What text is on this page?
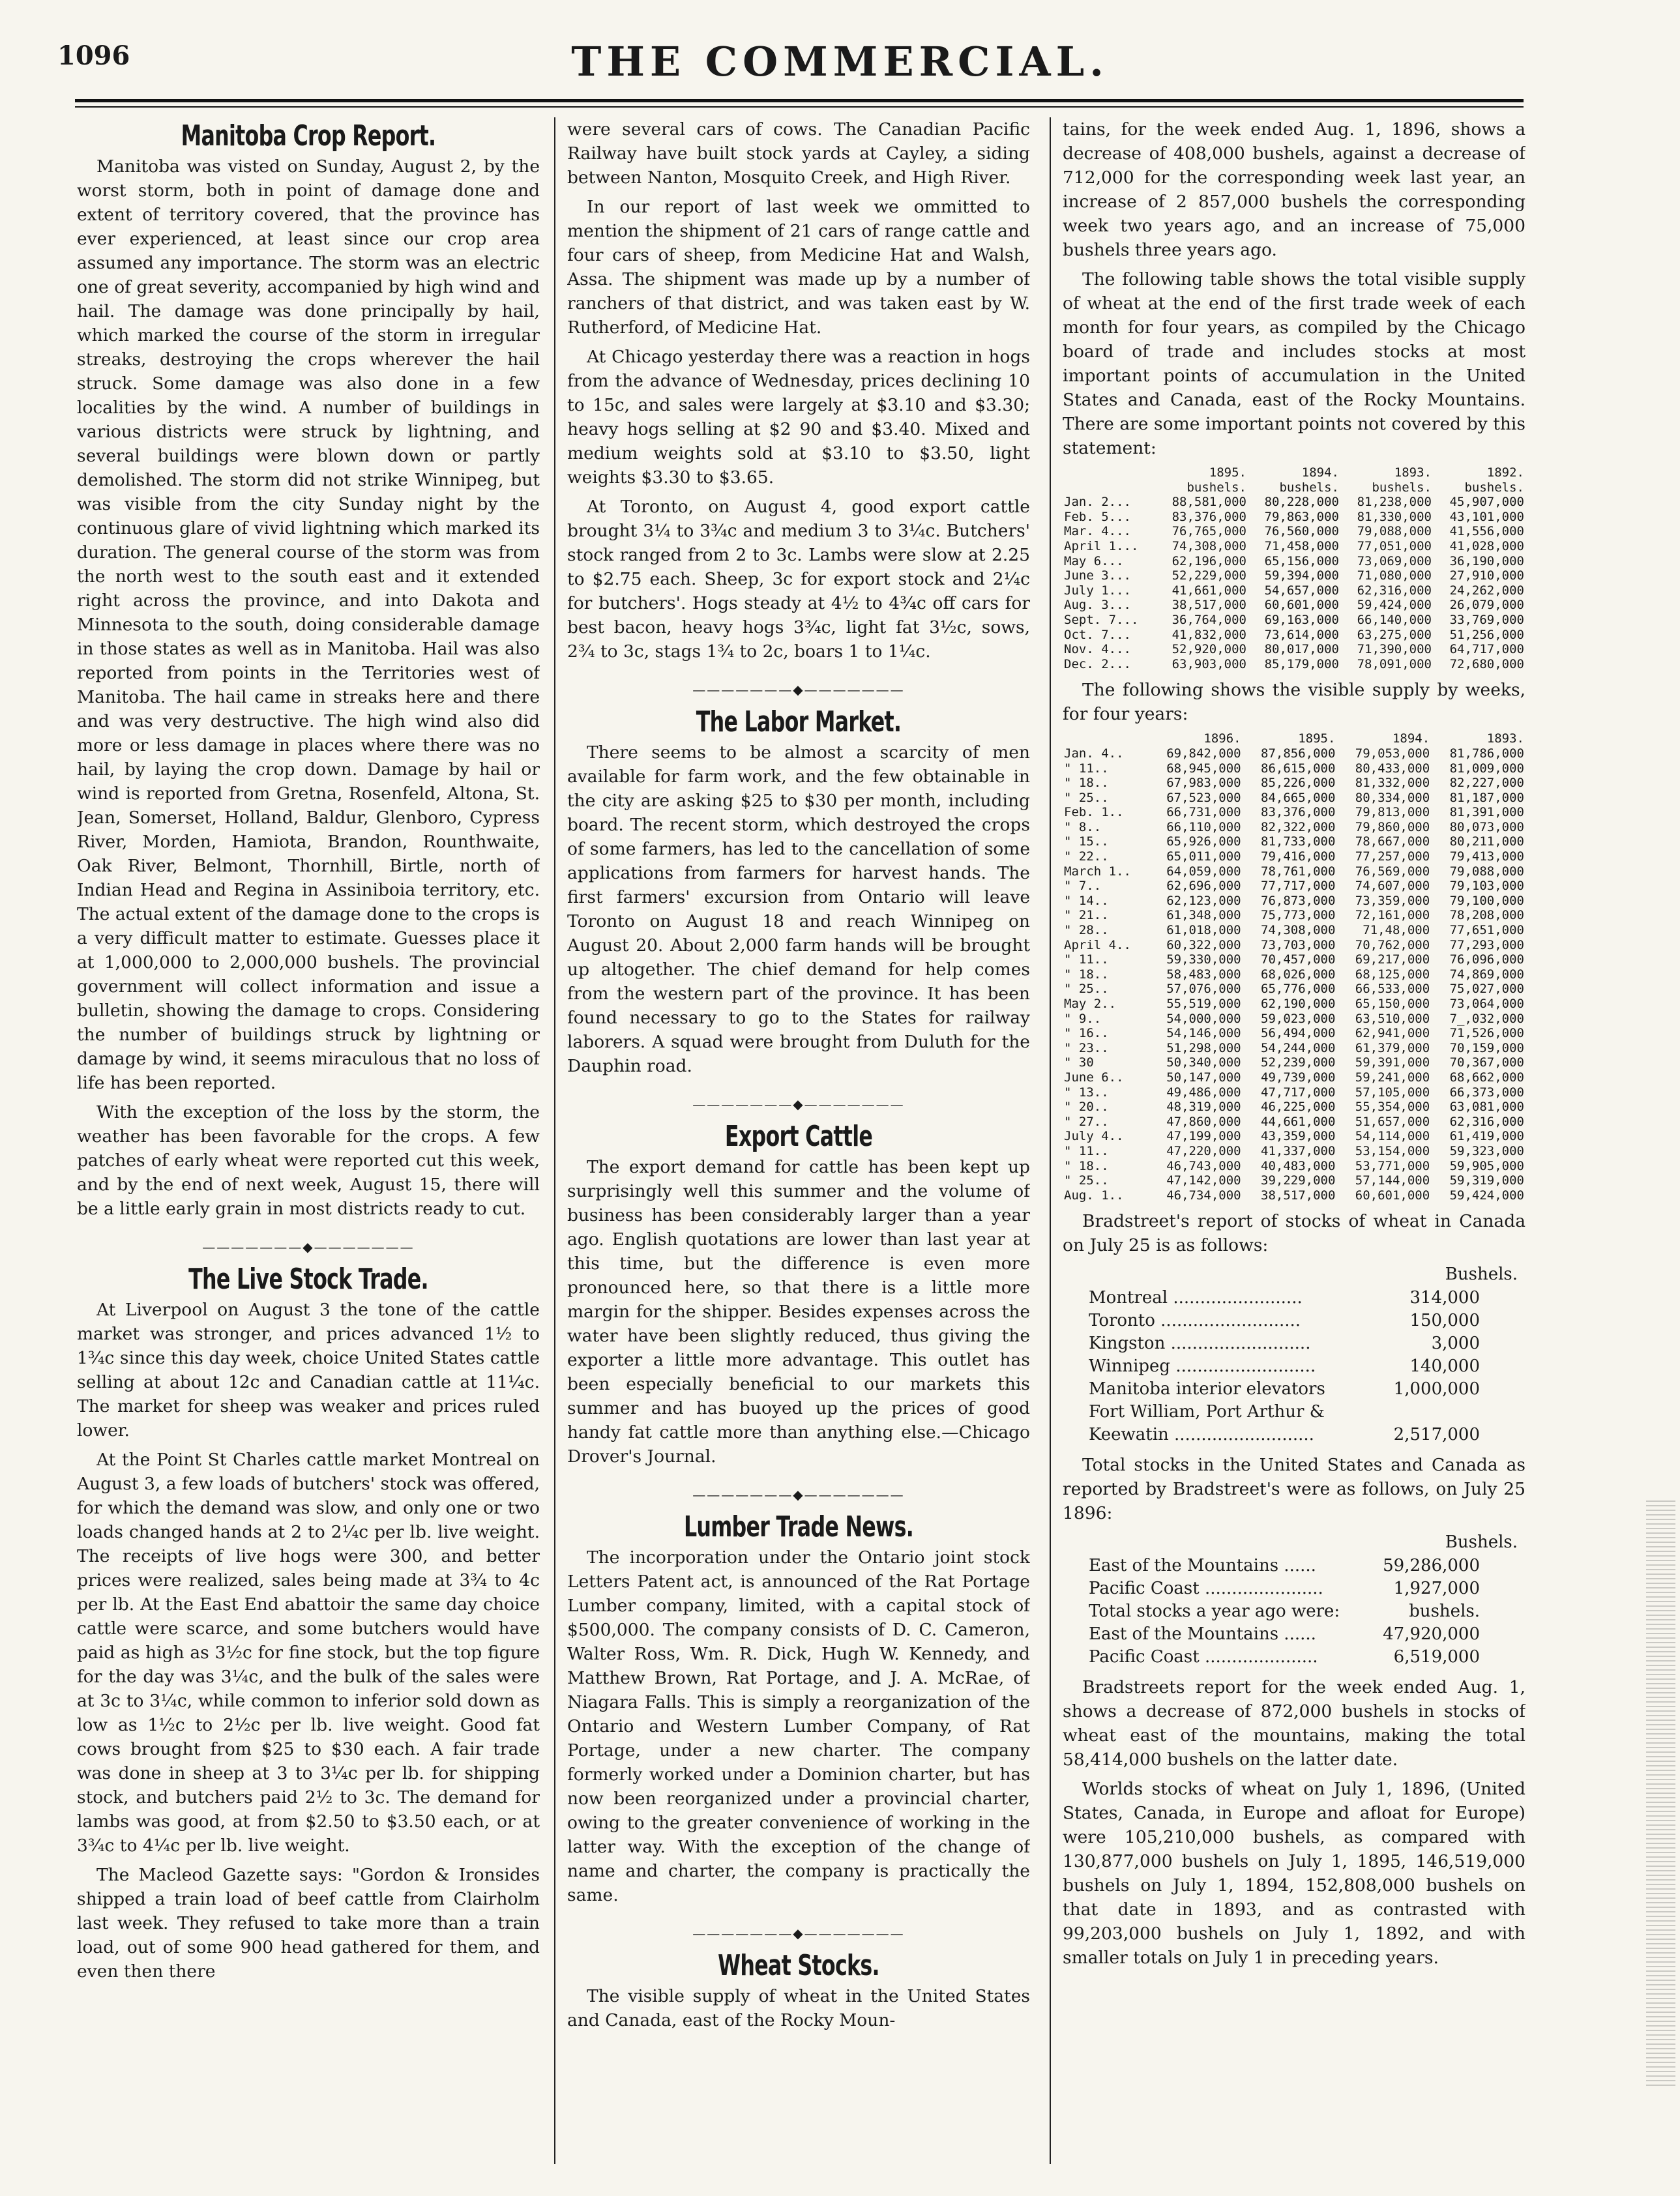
1096	THE COMMERCIAL.
Manitoba Crop Report.

Manitoba was visted on Sunday, August 2, by the worst storm, both in point of damage done and extent of territory covered, that the province has ever experienced, at least since our crop area assumed any importance. The storm was an electric one of great severity, accompanied by high wind and hail. The damage was done principally by hail, which marked the course of the storm in irregular streaks, destroying the crops wherever the hail struck. Some damage was also done in a few localities by the wind. A number of buildings in various districts were struck by lightning, and several buildings were blown down or partly demolished. The storm did not strike Winnipeg, but was visible from the city Sunday night by the continuous glare of vivid lightning which marked its duration. The general course of the storm was from the north west to the south east and it extended right across the province, and into Dakota and Minnesota to the south, doing considerable damage in those states as well as in Manitoba. Hail was also reported from points in the Territories west of Manitoba. The hail came in streaks here and there and was very destructive. The high wind also did more or less damage in places where there was no hail, by laying the crop down. Damage by hail or wind is reported from Gretna, Rosenfeld, Altona, St. Jean, Somerset, Holland, Baldur, Glenboro, Cypress River, Morden, Hamiota, Brandon, Rounthwaite, Oak River, Belmont, Thornhill, Birtle, north of Indian Head and Regina in Assiniboia territory, etc. The actual extent of the damage done to the crops is a very difficult matter to estimate. Guesses place it at 1,000,000 to 2,000,000 bushels. The provincial government will collect information and issue a bulletin, showing the damage to crops. Considering the number of buildings struck by lightning or damage by wind, it seems miraculous that no loss of life has been reported.

With the exception of the loss by the storm, the weather has been favorable for the crops. A few patches of early wheat were reported cut this week, and by the end of next week, August 15, there will be a little early grain in most districts ready to cut.

———————◆———————
The Live Stock Trade.

At Liverpool on August 3 the tone of the cattle market was stronger, and prices advanced 1½ to 1¾c since this day week, choice United States cattle selling at about 12c and Canadian cattle at 11¼c. The market for sheep was weaker and prices ruled lower.

At the Point St Charles cattle market Montreal on August 3, a few loads of butchers' stock was offered, for which the demand was slow, and only one or two loads changed hands at 2 to 2¼c per lb. live weight. The receipts of live hogs were 300, and better prices were realized, sales being made at 3¾ to 4c per lb. At the East End abattoir the same day choice cattle were scarce, and some butchers would have paid as high as 3½c for fine stock, but the top figure for the day was 3¼c, and the bulk of the sales were at 3c to 3¼c, while common to inferior sold down as low as 1½c to 2½c per lb. live weight. Good fat cows brought from $25 to $30 each. A fair trade was done in sheep at 3 to 3¼c per lb. for shipping stock, and butchers paid 2½ to 3c. The demand for lambs was good, at from $2.50 to $3.50 each, or at 3¾c to 4¼c per lb. live weight.

The Macleod Gazette says: "Gordon & Ironsides shipped a train load of beef cattle from Clairholm last week. They refused to take more than a train load, out of some 900 head gathered for them, and even then there

were several cars of cows. The Canadian Pacific Railway have built stock yards at Cayley, a siding between Nanton, Mosquito Creek, and High River.

In our report of last week we ommitted to mention the shipment of 21 cars of range cattle and four cars of sheep, from Medicine Hat and Walsh, Assa. The shipment was made up by a number of ranchers of that district, and was taken east by W. Rutherford, of Medicine Hat.

At Chicago yesterday there was a reaction in hogs from the advance of Wednesday, prices declining 10 to 15c, and sales were largely at $3.10 and $3.30; heavy hogs selling at $2 90 and $3.40. Mixed and medium weights sold at $3.10 to $3.50, light weights $3.30 to $3.65.

At Toronto, on August 4, good export cattle brought 3¼ to 3¾c and medium 3 to 3¼c. Butchers' stock ranged from 2 to 3c. Lambs were slow at 2.25 to $2.75 each. Sheep, 3c for export stock and 2¼c for butchers'. Hogs steady at 4½ to 4¾c off cars for best bacon, heavy hogs 3¾c, light fat 3½c, sows, 2¾ to 3c, stags 1¾ to 2c, boars 1 to 1¼c.

———————◆———————
The Labor Market.

There seems to be almost a scarcity of men available for farm work, and the few obtainable in the city are asking $25 to $30 per month, including board. The recent storm, which destroyed the crops of some farmers, has led to the cancellation of some applications from farmers for harvest hands. The first farmers' excursion from Ontario will leave Toronto on August 18 and reach Winnipeg on August 20. About 2,000 farm hands will be brought up altogether. The chief demand for help comes from the western part of the province. It has been found necessary to go to the States for railway laborers. A squad were brought from Duluth for the Dauphin road.

———————◆———————
Export Cattle

The export demand for cattle has been kept up surprisingly well this summer and the volume of business has been considerably larger than a year ago. English quotations are lower than last year at this time, but the difference is even more pronounced here, so that there is a little more margin for the shipper. Besides expenses across the water have been slightly reduced, thus giving the exporter a little more advantage. This outlet has been especially beneficial to our markets this summer and has buoyed up the prices of good handy fat cattle more than anything else.—Chicago Drover's Journal.

———————◆———————
Lumber Trade News.

The incorporation under the Ontario joint stock Letters Patent act, is announced of the Rat Portage Lumber company, limited, with a capital stock of $500,000. The company consists of D. C. Cameron, Walter Ross, Wm. R. Dick, Hugh W. Kennedy, and Matthew Brown, Rat Portage, and J. A. McRae, of Niagara Falls. This is simply a reorganization of the Ontario and Western Lumber Company, of Rat Portage, under a new charter. The company formerly worked under a Dominion charter, but has now been reorganized under a provincial charter, owing to the greater convenience of working in the latter way. With the exception of the change of name and charter, the company is practically the same.

———————◆———————
Wheat Stocks.

The visible supply of wheat in the United States and Canada, east of the Rocky Moun-

tains, for the week ended Aug. 1, 1896, shows a decrease of 408,000 bushels, against a decrease of 712,000 for the corresponding week last year, an increase of 2 857,000 bushels the corresponding week two years ago, and an increase of 75,000 bushels three years ago.

The following table shows the total visible supply of wheat at the end of the first trade week of each month for four years, as compiled by the Chicago board of trade and includes stocks at most important points of accumulation in the United States and Canada, east of the Rocky Mountains. There are some important points not covered by this statement:

	1895.	1894.	1893.	1892.
	bushels.	bushels.	bushels.	bushels.
Jan. 2...	88,581,000	80,228,000	81,238,000	45,907,000
Feb. 5...	83,376,000	79,863,000	81,330,000	43,101,000
Mar. 4...	76,765,000	76,560,000	79,088,000	41,556,000
April 1...	74,308,000	71,458,000	77,051,000	41,028,000
May 6...	62,196,000	65,156,000	73,069,000	36,190,000
June 3...	52,229,000	59,394,000	71,080,000	27,910,000
July 1...	41,661,000	54,657,000	62,316,000	24,262,000
Aug. 3...	38,517,000	60,601,000	59,424,000	26,079,000
Sept. 7...	36,764,000	69,163,000	66,140,000	33,769,000
Oct. 7...	41,832,000	73,614,000	63,275,000	51,256,000
Nov. 4...	52,920,000	80,017,000	71,390,000	64,717,000
Dec. 2...	63,903,000	85,179,000	78,091,000	72,680,000

The following shows the visible supply by weeks, for four years:

	1896.	1895.	1894.	1893.
Jan. 4..	69,842,000	87,856,000	79,053,000	81,786,000
" 11..	68,945,000	86,615,000	80,433,000	81,009,000
" 18..	67,983,000	85,226,000	81,332,000	82,227,000
" 25..	67,523,000	84,665,000	80,334,000	81,187,000
Feb. 1..	66,731,000	83,376,000	79,813,000	81,391,000
" 8..	66,110,000	82,322,000	79,860,000	80,073,000
" 15..	65,926,000	81,733,000	78,667,000	80,211,000
" 22..	65,011,000	79,416,000	77,257,000	79,413,000
March 1..	64,059,000	78,761,000	76,569,000	79,088,000
" 7..	62,696,000	77,717,000	74,607,000	79,103,000
" 14..	62,123,000	76,873,000	73,359,000	79,100,000
" 21..	61,348,000	75,773,000	72,161,000	78,208,000
" 28..	61,018,000	74,308,000	71,48,000	77,651,000
April 4..	60,322,000	73,703,000	70,762,000	77,293,000
" 11..	59,330,000	70,457,000	69,217,000	76,096,000
" 18..	58,483,000	68,026,000	68,125,000	74,869,000
" 25..	57,076,000	65,776,000	66,533,000	75,027,000
May 2..	55,519,000	62,190,000	65,150,000	73,064,000
" 9..	54,000,000	59,023,000	63,510,000	7_,032,000
" 16..	54,146,000	56,494,000	62,941,000	71,526,000
" 23..	51,298,000	54,244,000	61,379,000	70,159,000
" 30	50,340,000	52,239,000	59,391,000	70,367,000
June 6..	50,147,000	49,739,000	59,241,000	68,662,000
" 13..	49,486,000	47,717,000	57,105,000	66,373,000
" 20..	48,319,000	46,225,000	55,354,000	63,081,000
" 27..	47,860,000	44,661,000	51,657,000	62,316,000
July 4..	47,199,000	43,359,000	54,114,000	61,419,000
" 11..	47,220,000	41,337,000	53,154,000	59,323,000
" 18..	46,743,000	40,483,000	53,771,000	59,905,000
" 25..	47,142,000	39,229,000	57,144,000	59,319,000
Aug. 1..	46,734,000	38,517,000	60,601,000	59,424,000

Bradstreet's report of stocks of wheat in Canada on July 25 is as follows:

Bushels.
Montreal ........................	314,000
Toronto ..........................	150,000
Kingston ..........................	3,000
Winnipeg ..........................	140,000
Manitoba interior elevators	1,000,000
Fort William, Port Arthur &	
Keewatin ..........................	2,517,000

Total stocks in the United States and Canada as reported by Bradstreet's were as follows, on July 25 1896:

Bushels.
East of the Mountains ......	59,286,000
Pacific Coast ......................	1,927,000
Total stocks a year ago were:	bushels.
East of the Mountains ......	47,920,000
Pacific Coast .....................	6,519,000

Bradstreets report for the week ended Aug. 1, shows a decrease of 872,000 bushels in stocks of wheat east of the mountains, making the total 58,414,000 bushels on the latter date.

Worlds stocks of wheat on July 1, 1896, (United States, Canada, in Europe and afloat for Europe) were 105,210,000 bushels, as compared with 130,877,000 bushels on July 1, 1895, 146,519,000 bushels on July 1, 1894, 152,808,000 bushels on that date in 1893, and as contrasted with 99,203,000 bushels on July 1, 1892, and with smaller totals on July 1 in preceding years.
